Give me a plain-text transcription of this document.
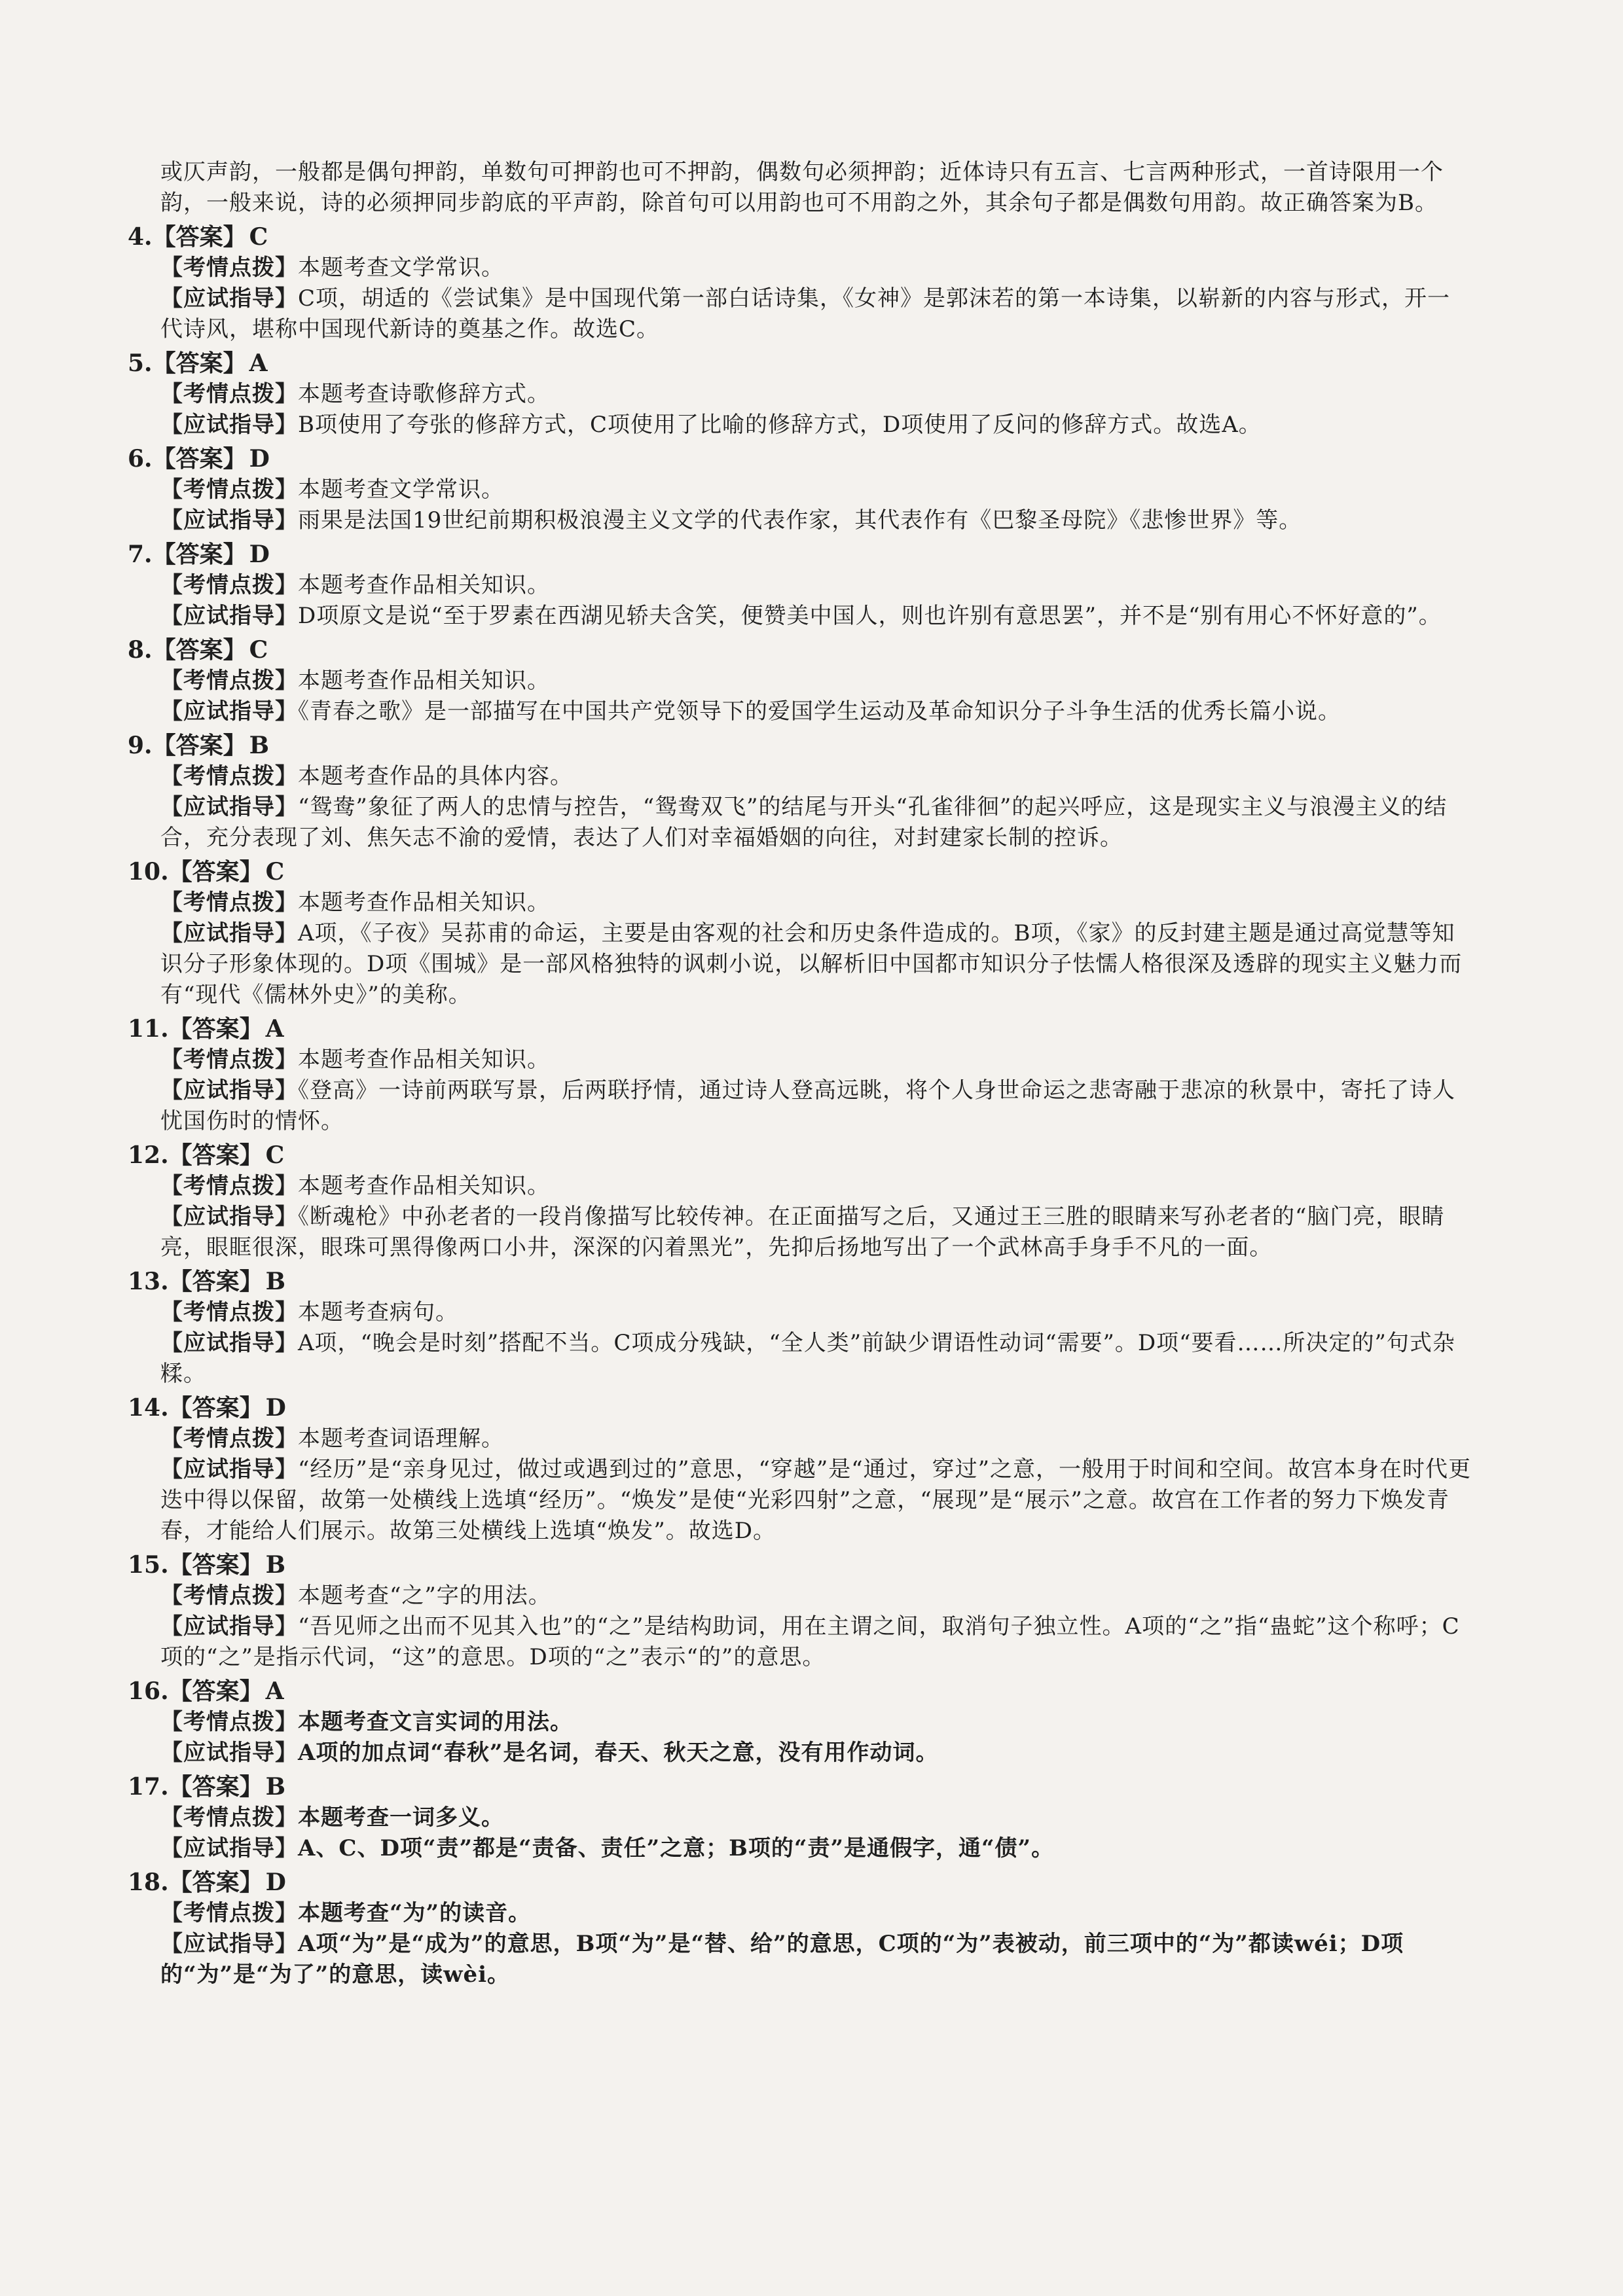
或仄声韵，一般都是偶句押韵，单数句可押韵也可不押韵，偶数句必须押韵；近体诗只有五言、七言两种形式，一首诗限用一个韵，一般来说，诗的必须押同步韵底的平声韵，除首句可以用韵也可不用韵之外，其余句子都是偶数句用韵。故正确答案为B。

4.【答案】 C
【考情点拨】本题考查文学常识。
【应试指导】C项，胡适的《尝试集》是中国现代第一部白话诗集，《女神》是郭沫若的第一本诗集，以崭新的内容与形式，开一代诗风，堪称中国现代新诗的奠基之作。故选C。
5.【答案】 A
【考情点拨】本题考查诗歌修辞方式。
【应试指导】B项使用了夸张的修辞方式，C项使用了比喻的修辞方式，D项使用了反问的修辞方式。故选A。
6.【答案】 D
【考情点拨】本题考查文学常识。
【应试指导】雨果是法国19世纪前期积极浪漫主义文学的代表作家，其代表作有《巴黎圣母院》《悲惨世界》等。
7.【答案】 D
【考情点拨】本题考查作品相关知识。
【应试指导】D项原文是说“至于罗素在西湖见轿夫含笑，便赞美中国人，则也许别有意思罢”，并不是“别有用心不怀好意的”。
8.【答案】 C
【考情点拨】本题考查作品相关知识。
【应试指导】《青春之歌》是一部描写在中国共产党领导下的爱国学生运动及革命知识分子斗争生活的优秀长篇小说。
9.【答案】 B
【考情点拨】本题考查作品的具体内容。
【应试指导】“鸳鸯”象征了两人的忠情与控告，“鸳鸯双飞”的结尾与开头“孔雀徘徊”的起兴呼应，这是现实主义与浪漫主义的结合，充分表现了刘、焦矢志不渝的爱情，表达了人们对幸福婚姻的向往，对封建家长制的控诉。
10.【答案】 C
【考情点拨】本题考查作品相关知识。
【应试指导】A项，《子夜》吴荪甫的命运，主要是由客观的社会和历史条件造成的。B项，《家》的反封建主题是通过高觉慧等知识分子形象体现的。D项《围城》是一部风格独特的讽刺小说，以解析旧中国都市知识分子怯懦人格很深及透辟的现实主义魅力而有“现代《儒林外史》”的美称。
11.【答案】 A
【考情点拨】本题考查作品相关知识。
【应试指导】《登高》一诗前两联写景，后两联抒情，通过诗人登高远眺，将个人身世命运之悲寄融于悲凉的秋景中，寄托了诗人忧国伤时的情怀。
12.【答案】 C
【考情点拨】本题考查作品相关知识。
【应试指导】《断魂枪》中孙老者的一段肖像描写比较传神。在正面描写之后，又通过王三胜的眼睛来写孙老者的“脑门亮，眼睛亮，眼眶很深，眼珠可黑得像两口小井，深深的闪着黑光”，先抑后扬地写出了一个武林高手身手不凡的一面。
13.【答案】 B
【考情点拨】本题考查病句。
【应试指导】A项，“晚会是时刻”搭配不当。C项成分残缺，“全人类”前缺少谓语性动词“需要”。D项“要看……所决定的”句式杂糅。
14.【答案】 D
【考情点拨】本题考查词语理解。
【应试指导】“经历”是“亲身见过，做过或遇到过的”意思，“穿越”是“通过，穿过”之意，一般用于时间和空间。故宫本身在时代更迭中得以保留，故第一处横线上选填“经历”。“焕发”是使“光彩四射”之意，“展现”是“展示”之意。故宫在工作者的努力下焕发青春，才能给人们展示。故第三处横线上选填“焕发”。故选D。
15.【答案】 B
【考情点拨】本题考查“之”字的用法。
【应试指导】“吾见师之出而不见其入也”的“之”是结构助词，用在主谓之间，取消句子独立性。A项的“之”指“蛊蛇”这个称呼；C项的“之”是指示代词，“这”的意思。D项的“之”表示“的”的意思。
16.【答案】 A
【考情点拨】本题考查文言实词的用法。
【应试指导】A项的加点词“春秋”是名词，春天、秋天之意，没有用作动词。
17.【答案】 B
【考情点拨】本题考查一词多义。
【应试指导】A、C、D项“责”都是“责备、责任”之意；B项的“责”是通假字，通“债”。
18.【答案】 D
【考情点拨】本题考查“为”的读音。
【应试指导】A项“为”是“成为”的意思，B项“为”是“替、给”的意思，C项的“为”表被动，前三项中的“为”都读wéi；D项的“为”是“为了”的意思，读wèi。
